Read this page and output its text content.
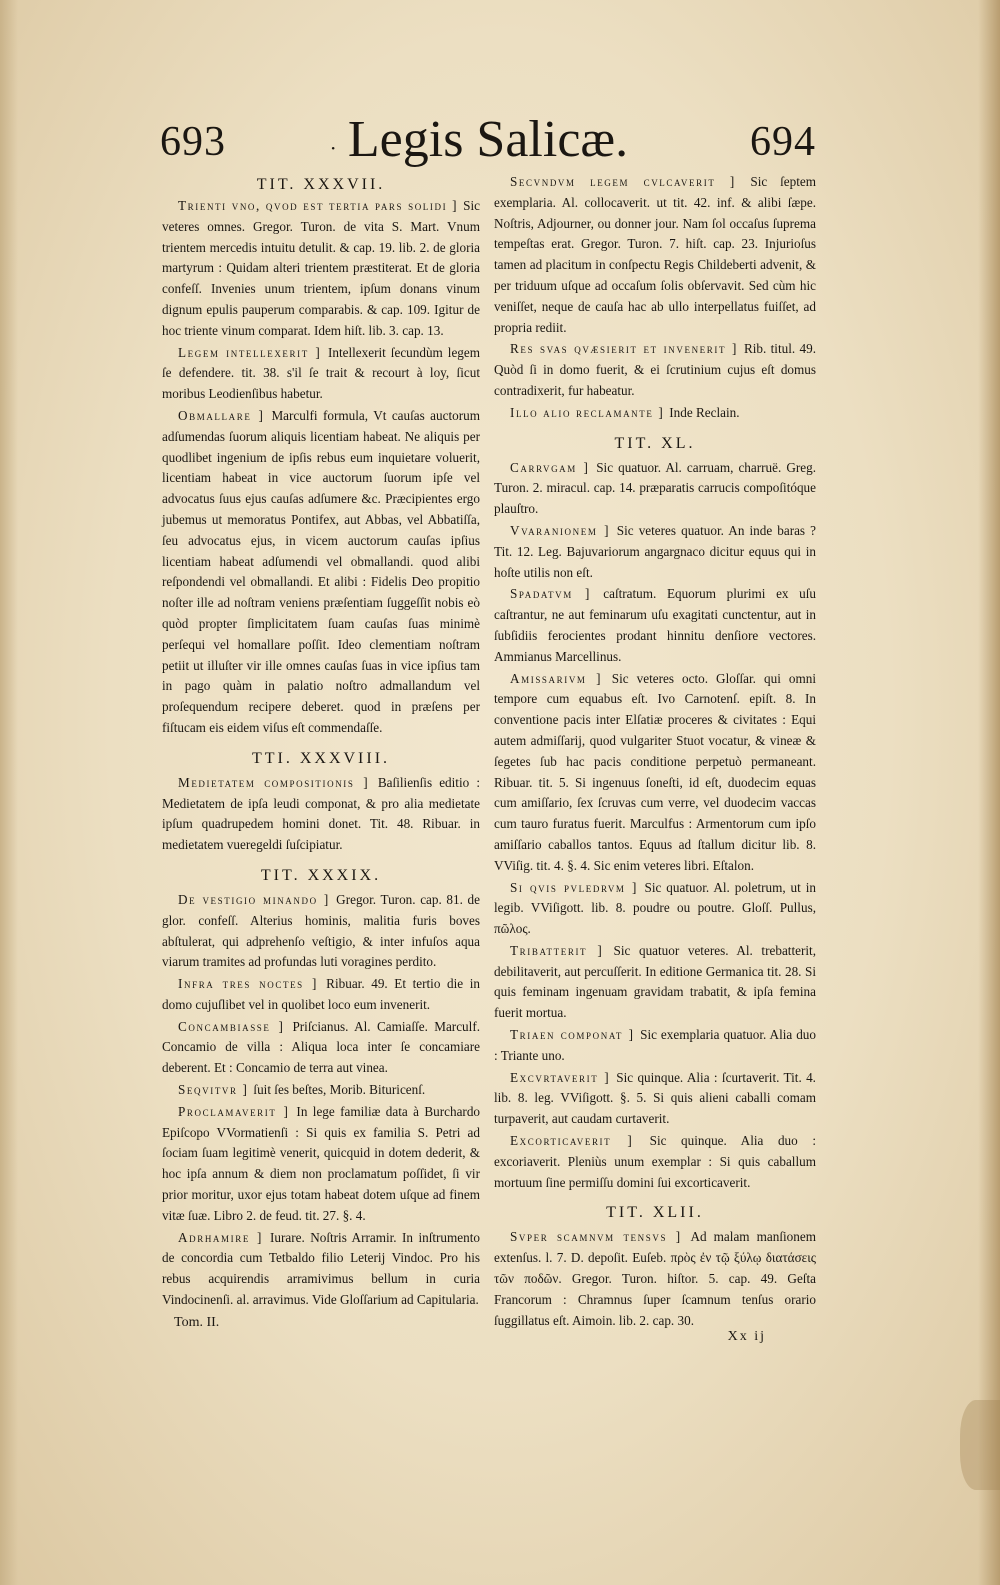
693	· Legis Salicæ.	694
TIT. XXXVII.

Trienti vno, qvod est tertia pars solidi ] Sic veteres omnes. Gregor. Turon. de vita S. Mart. Vnum trientem mercedis intuitu detulit. & cap. 19. lib. 2. de gloria martyrum : Quidam alteri trientem præstiterat. Et de gloria confeſſ. Invenies unum trientem, ipſum donans vinum dignum epulis pauperum comparabis. & cap. 109. Igitur de hoc triente vinum comparat. Idem hiſt. lib. 3. cap. 13.

Legem intellexerit ] Intellexerit ſecundùm legem ſe defendere. tit. 38. s'il ſe trait & recourt à loy, ſicut moribus Leodienſibus habetur.

Obmallare ] Marculfi formula, Vt cauſas auctorum adſumendas ſuorum aliquis licentiam habeat. Ne aliquis per quodlibet ingenium de ipſis rebus eum inquietare voluerit, licentiam habeat in vice auctorum ſuorum ipſe vel advocatus ſuus ejus cauſas adſumere &c. Præcipientes ergo jubemus ut memoratus Pontifex, aut Abbas, vel Abbatiſſa, ſeu advocatus ejus, in vicem auctorum cauſas ipſius licentiam habeat adſumendi vel obmallandi. quod alibi reſpondendi vel obmallandi. Et alibi : Fidelis Deo propitio noſter ille ad noſtram veniens præſentiam ſuggeſſit nobis eò quòd propter ſimplicitatem ſuam cauſas ſuas minimè perſequi vel homallare poſſit. Ideo clementiam noſtram petiit ut illuſter vir ille omnes cauſas ſuas in vice ipſius tam in pago quàm in palatio noſtro admallandum vel proſequendum recipere deberet. quod in præſens per fiſtucam eis eidem viſus eſt commendaſſe.

TTI. XXXVIII.

Medietatem compositionis ] Baſilienſis editio : Medietatem de ipſa leudi componat, & pro alia medietate ipſum quadrupedem homini donet. Tit. 48. Ribuar. in medietatem vueregeldi ſuſcipiatur.

TIT. XXXIX.

De vestigio minando ] Gregor. Turon. cap. 81. de glor. confeſſ. Alterius hominis, malitia furis boves abſtulerat, qui adprehenſo veſtigio, & inter infuſos aqua viarum tramites ad profundas luti voragines perdito.

Infra tres noctes ] Ribuar. 49. Et tertio die in domo cujuſlibet vel in quolibet loco eum invenerit.

Concambiasse ] Priſcianus. Al. Camiaſſe. Marculf. Concamio de villa : Aliqua loca inter ſe concamiare deberent. Et : Concamio de terra aut vinea.

Seqvitvr ] ſuit ſes beſtes, Morib. Bituricenſ.

Proclamaverit ] In lege familiæ data à Burchardo Epiſcopo VVormatienſi : Si quis ex familia S. Petri ad ſociam ſuam legitimè venerit, quicquid in dotem dederit, & hoc ipſa annum & diem non proclamatum poſſidet, ſi vir prior moritur, uxor ejus totam habeat dotem uſque ad finem vitæ ſuæ. Libro 2. de feud. tit. 27. §. 4.

Adrhamire ] Iurare. Noſtris Arramir. In inſtrumento de concordia cum Tetbaldo filio Leterij Vindoc. Pro his rebus acquirendis arramivimus bellum in curia Vindocinenſi. al. arravimus. Vide Gloſſarium ad Capitularia.

Tom. II.

Secvndvm legem cvlcaverit ] Sic ſeptem exemplaria. Al. collocaverit. ut tit. 42. inf. & alibi ſæpe. Noſtris, Adjourner, ou donner jour. Nam ſol occaſus ſuprema tempeſtas erat. Gregor. Turon. 7. hiſt. cap. 23. Injurioſus tamen ad placitum in conſpectu Regis Childeberti advenit, & per triduum uſque ad occaſum ſolis obſervavit. Sed cùm hic veniſſet, neque de cauſa hac ab ullo interpellatus fuiſſet, ad propria rediit.

Res svas qvæsierit et invenerit ] Rib. titul. 49. Quòd ſi in domo fuerit, & ei ſcrutinium cujus eſt domus contradixerit, fur habeatur.

Illo alio reclamante ] Inde Reclain.

TIT. XL.

Carrvgam ] Sic quatuor. Al. carruam, charruë. Greg. Turon. 2. miracul. cap. 14. præparatis carrucis compoſitóque plauſtro.

Vvaranionem ] Sic veteres quatuor. An inde baras ? Tit. 12. Leg. Bajuvariorum angargnaco dicitur equus qui in hoſte utilis non eſt.

Spadatvm ] caſtratum. Equorum plurimi ex uſu caſtrantur, ne aut feminarum uſu exagitati cunctentur, aut in ſubſidiis ferocientes prodant hinnitu denſiore vectores. Ammianus Marcellinus.

Amissarivm ] Sic veteres octo. Gloſſar. qui omni tempore cum equabus eſt. Ivo Carnotenſ. epiſt. 8. In conventione pacis inter Elſatiæ proceres & civitates : Equi autem admiſſarij, quod vulgariter Stuot vocatur, & vineæ & ſegetes ſub hac pacis conditione perpetuò permaneant. Ribuar. tit. 5. Si ingenuus ſoneſti, id eſt, duodecim equas cum amiſſario, ſex ſcruvas cum verre, vel duodecim vaccas cum tauro furatus fuerit. Marculfus : Armentorum cum ipſo amiſſario caballos tantos. Equus ad ſtallum dicitur lib. 8. VViſig. tit. 4. §. 4. Sic enim veteres libri. Eſtalon.

Si qvis pvledrvm ] Sic quatuor. Al. poletrum, ut in legib. VViſigott. lib. 8. poudre ou poutre. Gloſſ. Pullus, πῶλος.

Tribatterit ] Sic quatuor veteres. Al. trebatterit, debilitaverit, aut percuſſerit. In editione Germanica tit. 28. Si quis feminam ingenuam gravidam trabatit, & ipſa femina fuerit mortua.

Triaen componat ] Sic exemplaria quatuor. Alia duo : Triante uno.

Excvrtaverit ] Sic quinque. Alia : ſcurtaverit. Tit. 4. lib. 8. leg. VViſigott. §. 5. Si quis alieni caballi comam turpaverit, aut caudam curtaverit.

Excorticaverit ] Sic quinque. Alia duo : excoriaverit. Pleniùs unum exemplar : Si quis caballum mortuum ſine permiſſu domini ſui excorticaverit.

TIT. XLII.

Svper scamnvm tensvs ] Ad malam manſionem extenſus. l. 7. D. depoſit. Euſeb. πρὸς ἐν τῷ ξύλῳ διατάσεις τῶν ποδῶν. Gregor. Turon. hiſtor. 5. cap. 49. Geſta Francorum : Chramnus ſuper ſcamnum tenſus orario ſuggillatus eſt. Aimoin. lib. 2. cap. 30.

Xx ij
